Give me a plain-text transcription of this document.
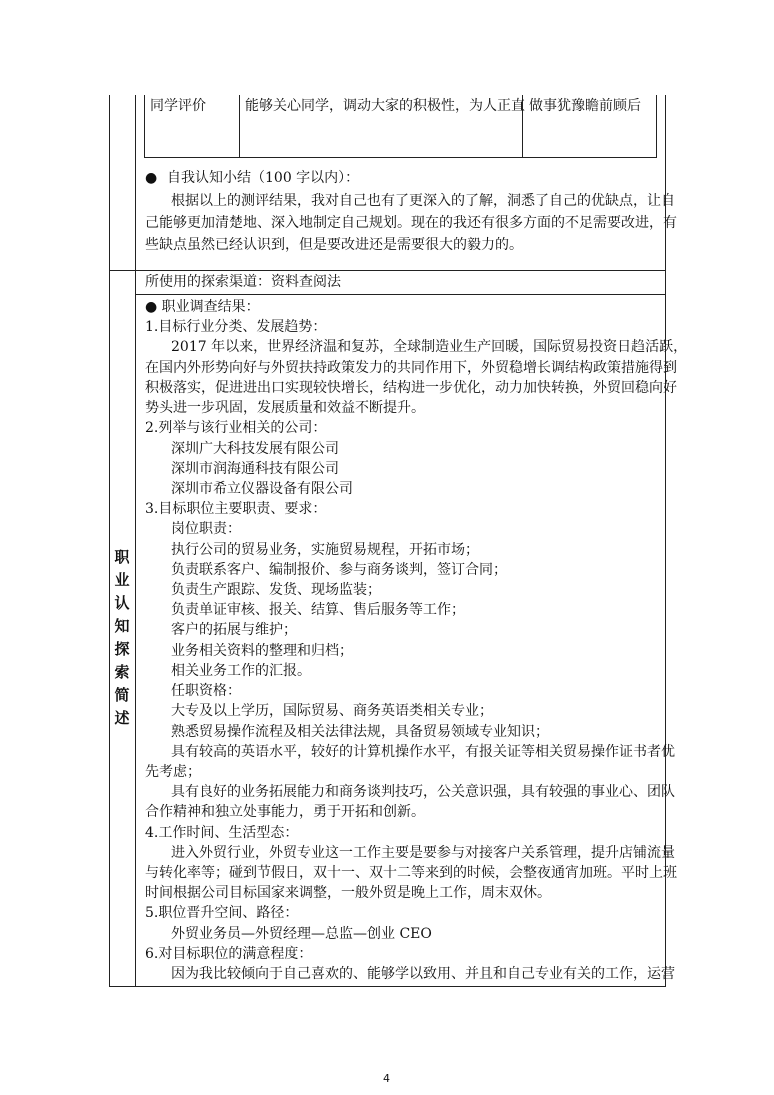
同学评价	能够关心同学，调动大家的积极性，为人正直 做事犹豫瞻前顾后
● 自我认知小结（100 字以内）：
根据以上的测评结果，我对自己也有了更深入的了解，洞悉了自己的优缺点，让自
己能够更加清楚地、深入地制定自己规划。现在的我还有很多方面的不足需要改进，有
些缺点虽然已经认识到，但是要改进还是需要很大的毅力的。
职
业
认
知
探
索
简
述
所使用的探索渠道：资料查阅法
● 职业调查结果：
1.目标行业分类、发展趋势：
2017 年以来，世界经济温和复苏，全球制造业生产回暖，国际贸易投资日趋活跃，
在国内外形势向好与外贸扶持政策发力的共同作用下，外贸稳增长调结构政策措施得到
积极落实，促进进出口实现较快增长，结构进一步优化，动力加快转换，外贸回稳向好
势头进一步巩固，发展质量和效益不断提升。
2.列举与该行业相关的公司：
深圳广大科技发展有限公司
深圳市润海通科技有限公司
深圳市希立仪器设备有限公司
3.目标职位主要职责、要求：
岗位职责：
执行公司的贸易业务，实施贸易规程，开拓市场；
负责联系客户、编制报价、参与商务谈判，签订合同；
负责生产跟踪、发货、现场监装；
负责单证审核、报关、结算、售后服务等工作；
客户的拓展与维护；
业务相关资料的整理和归档；
相关业务工作的汇报。
任职资格：
大专及以上学历，国际贸易、商务英语类相关专业；
熟悉贸易操作流程及相关法律法规，具备贸易领域专业知识；
具有较高的英语水平，较好的计算机操作水平，有报关证等相关贸易操作证书者优
先考虑；
具有良好的业务拓展能力和商务谈判技巧，公关意识强，具有较强的事业心、团队
合作精神和独立处事能力，勇于开拓和创新。
4.工作时间、生活型态：
进入外贸行业，外贸专业这一工作主要是要参与对接客户关系管理，提升店铺流量
与转化率等；碰到节假日，双十一、双十二等来到的时候，会整夜通宵加班。平时上班
时间根据公司目标国家来调整，一般外贸是晚上工作，周末双休。
5.职位晋升空间、路径：
外贸业务员—外贸经理—总监—创业 CEO
6.对目标职位的满意程度：
因为我比较倾向于自己喜欢的、能够学以致用、并且和自己专业有关的工作，运营
4
